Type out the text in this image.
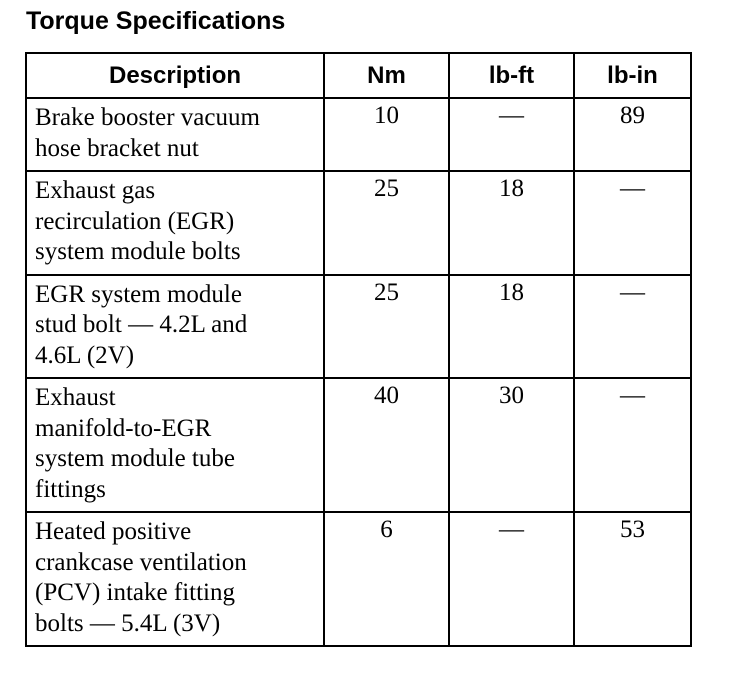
Torque Specifications
Description	Nm	lb-ft	lb-in

Brake booster vacuum
hose bracket nut	10	—	89

Exhaust gas
recirculation (EGR)
system module bolts	25	18	—

EGR system module
stud bolt — 4.2L and
4.6L (2V)	25	18	—

Exhaust
manifold-to-EGR
system module tube
fittings	40	30	—

Heated positive
crankcase ventilation
(PCV) intake fitting
bolts — 5.4L (3V)	6	—	53
